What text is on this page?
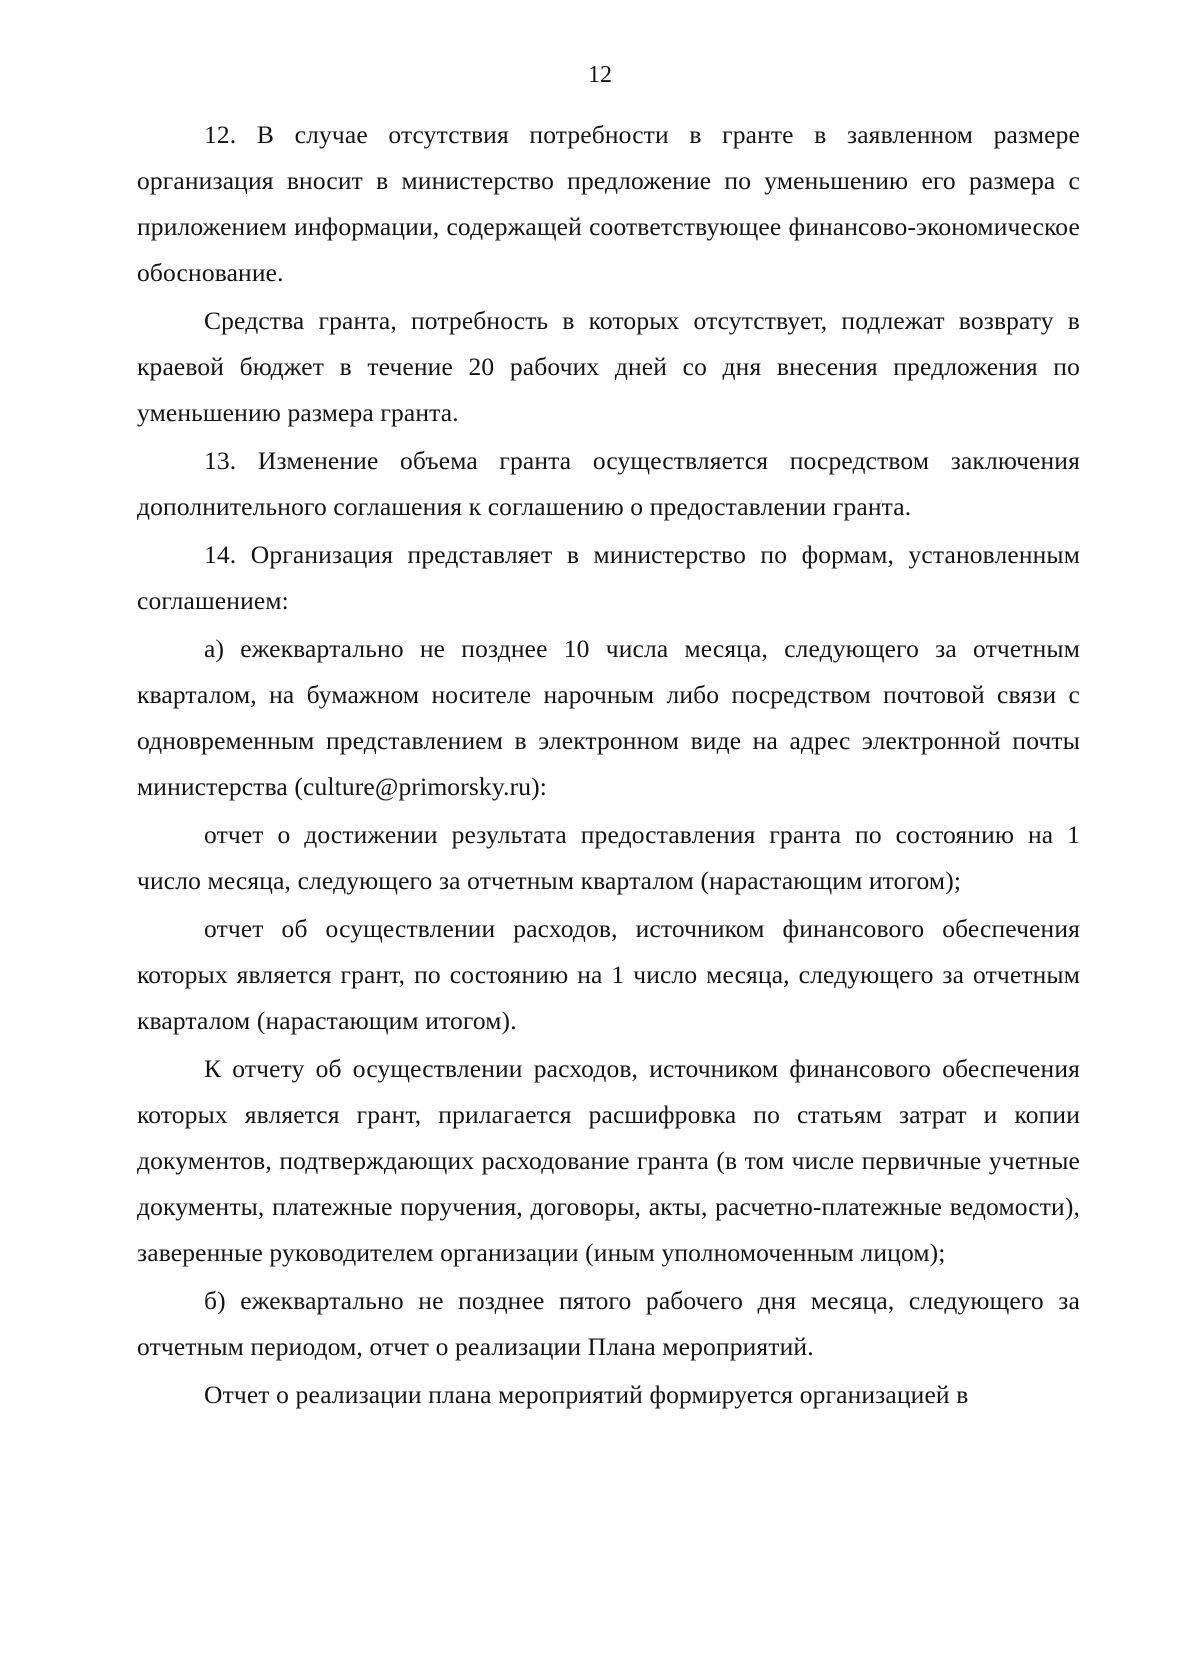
12

12. В случае отсутствия потребности в гранте в заявленном размере организация вносит в министерство предложение по уменьшению его размера с приложением информации, содержащей соответствующее финансово-экономическое обоснование.

Средства гранта, потребность в которых отсутствует, подлежат возврату в краевой бюджет в течение 20 рабочих дней со дня внесения предложения по уменьшению размера гранта.

13. Изменение объема гранта осуществляется посредством заключения дополнительного соглашения к соглашению о предоставлении гранта.

14. Организация представляет в министерство по формам, установленным соглашением:

а) ежеквартально не позднее 10 числа месяца, следующего за отчетным кварталом, на бумажном носителе нарочным либо посредством почтовой связи с одновременным представлением в электронном виде на адрес электронной почты министерства (culture@primorsky.ru):

отчет о достижении результата предоставления гранта по состоянию на 1 число месяца, следующего за отчетным кварталом (нарастающим итогом);

отчет об осуществлении расходов, источником финансового обеспечения которых является грант, по состоянию на 1 число месяца, следующего за отчетным кварталом (нарастающим итогом).

К отчету об осуществлении расходов, источником финансового обеспечения которых является грант, прилагается расшифровка по статьям затрат и копии документов, подтверждающих расходование гранта (в том числе первичные учетные документы, платежные поручения, договоры, акты, расчетно-платежные ведомости), заверенные руководителем организации (иным уполномоченным лицом);

б) ежеквартально не позднее пятого рабочего дня месяца, следующего за отчетным периодом, отчет о реализации Плана мероприятий.

Отчет о реализации плана мероприятий формируется организацией в
